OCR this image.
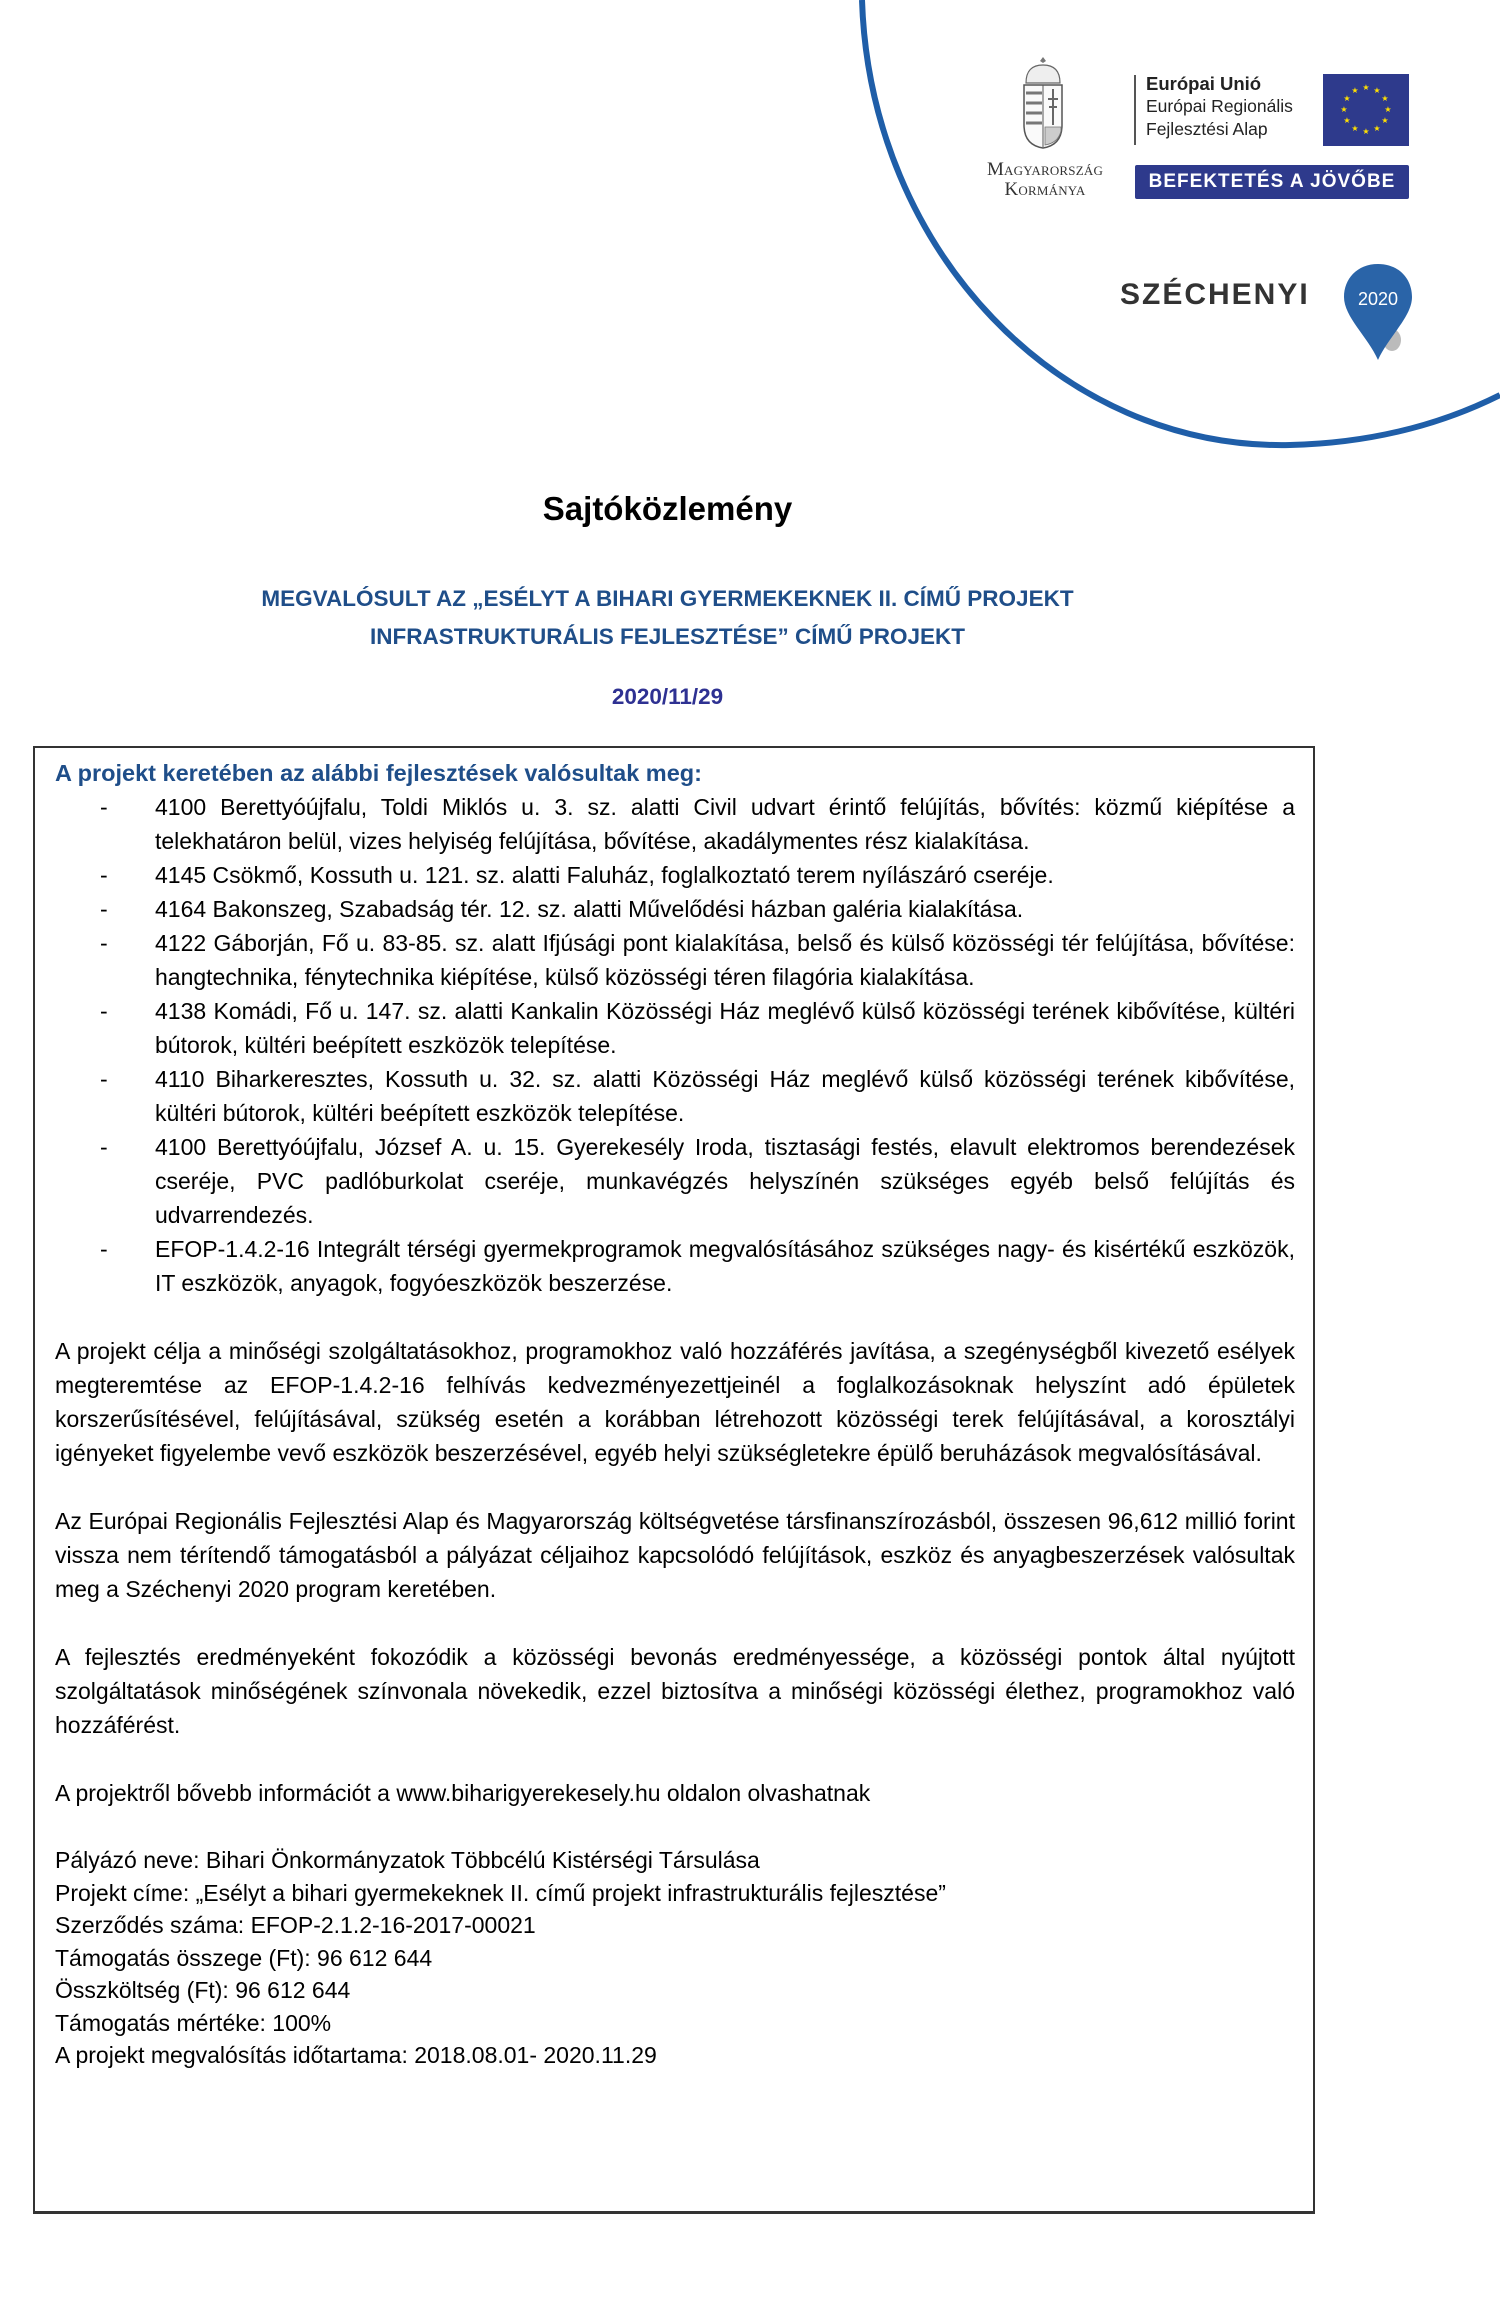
Magyarország
Kormánya
Európai Unió
Európai Regionális
Fejlesztési Alap
★ ★
★
★
★
★
★
★
★
★
★
★
BEFEKTETÉS A JÖVŐBE
SZÉCHENYI	2020
Sajtóközlemény
MEGVALÓSULT AZ „ESÉLYT A BIHARI GYERMEKEKNEK II. CÍMŰ PROJEKT
INFRASTRUKTURÁLIS FEJLESZTÉSE” CÍMŰ PROJEKT
2020/11/29
A projekt keretében az alábbi fejlesztések valósultak meg:
- 4100 Berettyóújfalu, Toldi Miklós u. 3. sz. alatti Civil udvart érintő felújítás, bővítés: közmű kiépítése a telekhatáron belül, vizes helyiség felújítása, bővítése, akadálymentes rész kialakítása.
- 4145 Csökmő, Kossuth u. 121. sz. alatti Faluház, foglalkoztató terem nyílászáró cseréje.
- 4164 Bakonszeg, Szabadság tér. 12. sz. alatti Művelődési házban galéria kialakítása.
- 4122 Gáborján, Fő u. 83-85. sz. alatt Ifjúsági pont kialakítása, belső és külső közösségi tér felújítása, bővítése: hangtechnika, fénytechnika kiépítése, külső közösségi téren filagória kialakítása.
- 4138 Komádi, Fő u. 147. sz. alatti Kankalin Közösségi Ház meglévő külső közösségi terének kibővítése, kültéri bútorok, kültéri beépített eszközök telepítése.
- 4110 Biharkeresztes, Kossuth u. 32. sz. alatti Közösségi Ház meglévő külső közösségi terének kibővítése, kültéri bútorok, kültéri beépített eszközök telepítése.
- 4100 Berettyóújfalu, József A. u. 15. Gyerekesély Iroda, tisztasági festés, elavult elektromos berendezések cseréje, PVC padlóburkolat cseréje, munkavégzés helyszínén szükséges egyéb belső felújítás és udvarrendezés.
- EFOP-1.4.2-16 Integrált térségi gyermekprogramok megvalósításához szükséges nagy- és kisértékű eszközök, IT eszközök, anyagok, fogyóeszközök beszerzése.

A projekt célja a minőségi szolgáltatásokhoz, programokhoz való hozzáférés javítása, a szegénységből kivezető esélyek megteremtése az EFOP-1.4.2-16 felhívás kedvezményezettjeinél a foglalkozásoknak helyszínt adó épületek korszerűsítésével, felújításával, szükség esetén a korábban létrehozott közösségi terek felújításával, a korosztályi igényeket figyelembe vevő eszközök beszerzésével, egyéb helyi szükségletekre épülő beruházások megvalósításával.

Az Európai Regionális Fejlesztési Alap és Magyarország költségvetése társfinanszírozásból, összesen 96,612 millió forint vissza nem térítendő támogatásból a pályázat céljaihoz kapcsolódó felújítások, eszköz és anyagbeszerzések valósultak meg a Széchenyi 2020 program keretében.

A fejlesztés eredményeként fokozódik a közösségi bevonás eredményessége, a közösségi pontok által nyújtott szolgáltatások minőségének színvonala növekedik, ezzel biztosítva a minőségi közösségi élethez, programokhoz való hozzáférést.

A projektről bővebb információt a www.biharigyerekesely.hu oldalon olvashatnak

Pályázó neve: Bihari Önkormányzatok Többcélú Kistérségi Társulása
Projekt címe: „Esélyt a bihari gyermekeknek II. című projekt infrastrukturális fejlesztése”
Szerződés száma: EFOP-2.1.2-16-2017-00021
Támogatás összege (Ft): 96 612 644
Összköltség (Ft): 96 612 644
Támogatás mértéke: 100%
A projekt megvalósítás időtartama: 2018.08.01- 2020.11.29
